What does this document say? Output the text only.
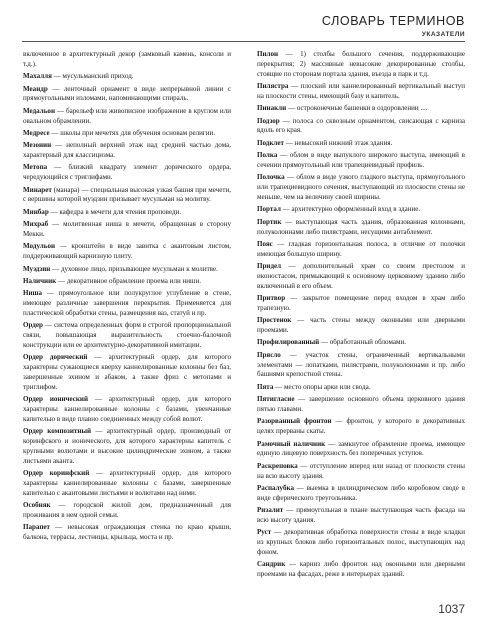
СЛОВАРЬ ТЕРМИНОВ
УКАЗАТЕЛИ

включенное в архитектурный декор (замковый камень, консоли и т.д.).

Махалля — мусульманский приход.

Меандр — ленточный орнамент в виде непрерывной линии с прямоугольными изломами, напоминающими спираль.

Медальон — барельеф или живописное изображение в круглом или овальном обрамлении.

Медресе — школы при мечетях для обучения основам религии.

Мезонин — неполный верхний этаж над средней частью дома, характерный для классицизма.

Метопа — близкий квадрату элемент дорического ордера, чередующийся с триглифами.

Минарет (манара) — специальная высокая узкая башня при мечети, с вершины которой муэдзин призывает мусульман на молитву.

Минбар — кафедра в мечети для чтения проповеди.

Михраб — молитвенная ниша в мечети, обращенная в сторону Мекки.

Модульон — кронштейн в виде завитка с акантовым листом, поддерживающий карнизную плиту.

Муэдзин — духовное лицо, призывающее мусульман к молитве.

Наличник — декоративное обрамление проема или ниши.

Ниша — прямоугольное или полукруглое углубление в стене, имеющее различные завершения перекрытия. Применяется для пластической обработки стены, размещения ваз, статуй и пр.

Ордер — система определенных форм в строгой пропорциональной связи, повышающая выразительность стоечно-балочной конструкции или ее архитектурно-декоративной имитации.

Ордер дорический — архитектурный ордер, для которого характерны сужающиеся кверху каннелированные колонны без баз, завершенные эхином и абаком, а также фриз с метопами и триглифом.

Ордер ионический — архитектурный ордер, для которого характерны каннелированные колонны с базами, увенчанные капителью в виде плавно соединенных между собой волют.

Ордер композитный — архитектурный ордер, производный от коринфского и ионического, для которого характерны капитель с крупными волютами и высокие цилиндрические эхином, а также листьями аканта.

Ордер коринфский — архитектурный ордер, для которого характерны каннелированные колонны с базами, завершенные капителью с акантовыми листьями и волютами над ними.

Особняк — городской жилой дом, предназначенный для проживания в нем одной семьи.

Парапет — невысокая ограждающая стенка по краю крыши, балкона, террасы, лестницы, крыльца, моста и пр.

Пилон — 1) столбы большого сечения, поддерживающие перекрытия; 2) массивные невысокие декорированные столбы, стоящие по сторонам портала здания, въезда в парк и т.д.

Пилястра — плоский или каннелированный вертикальный выступ на плоскости стены, имеющий базу и капитель.

Пинакли — остроконечные башенки в оздоровлении ....

Подзор — полоса со сквозным орнаментом, свисающая с карниза вдоль его края.

Подклет — невысокий нижний этаж здания.

Полка — облом в виде выпуклого широкого выступа, имеющий в сечении прямоугольный или трапециевидный профиль.

Полочка — облом в виде узкого гладкого выступа, прямоугольного или трапециевидного сечения, выступающий из плоскости стены не меньше, чем на величину своей ширины.

Портал — архитектурно оформленный вход в здание.

Портик — выступающая часть здания, образованная колоннами, полуколоннами либо пилястрами, несущими антаблемент.

Пояс — гладкая горизонтальная полоса, в отличие от полочки имеющая большую ширину.

Придел — дополнительный храм со своим престолом и иконостасом, примыкающий к основному церковному зданию либо включенный в его объем.

Притвор — закрытое помещение перед входом в храм либо трапезную.

Простенок — часть стены между оконными или дверными проемами.

Профилированный — обработанный обломами.

Прясло — участок стены, ограниченный вертикальными элементами — лопатками, пилястрами, полуколоннами и пр. либо башнями крепостной стены.

Пята — место опоры арки или свода.

Пятигласие — завершение основного объема церковного здания пятью главами.

Разорванный фронтон — фронтон, у которого в декоративных целях прерваны скаты.

Рамочный наличник — замкнутое обрамление проема, имеющее единую лицевую поверхность без поперечных уступов.

Раскреповка — отступление вперед или назад от плоскости стены на всю высоту здания.

Распалубка — выемка в цилиндрическом либо коробовом своде в виде сферического треугольника.

Ризалит — прямоугольная в плане выступающая часть фасада на всю высоту здания.

Руст — декоративная обработка поверхности стены в виде кладки из крупных блоков либо горизонтальных полос, выступающих над фоном.

Сандрик — карниз либо фронтон над оконными или дверными проемами на фасадах, реже в интерьерах зданий.

1037
